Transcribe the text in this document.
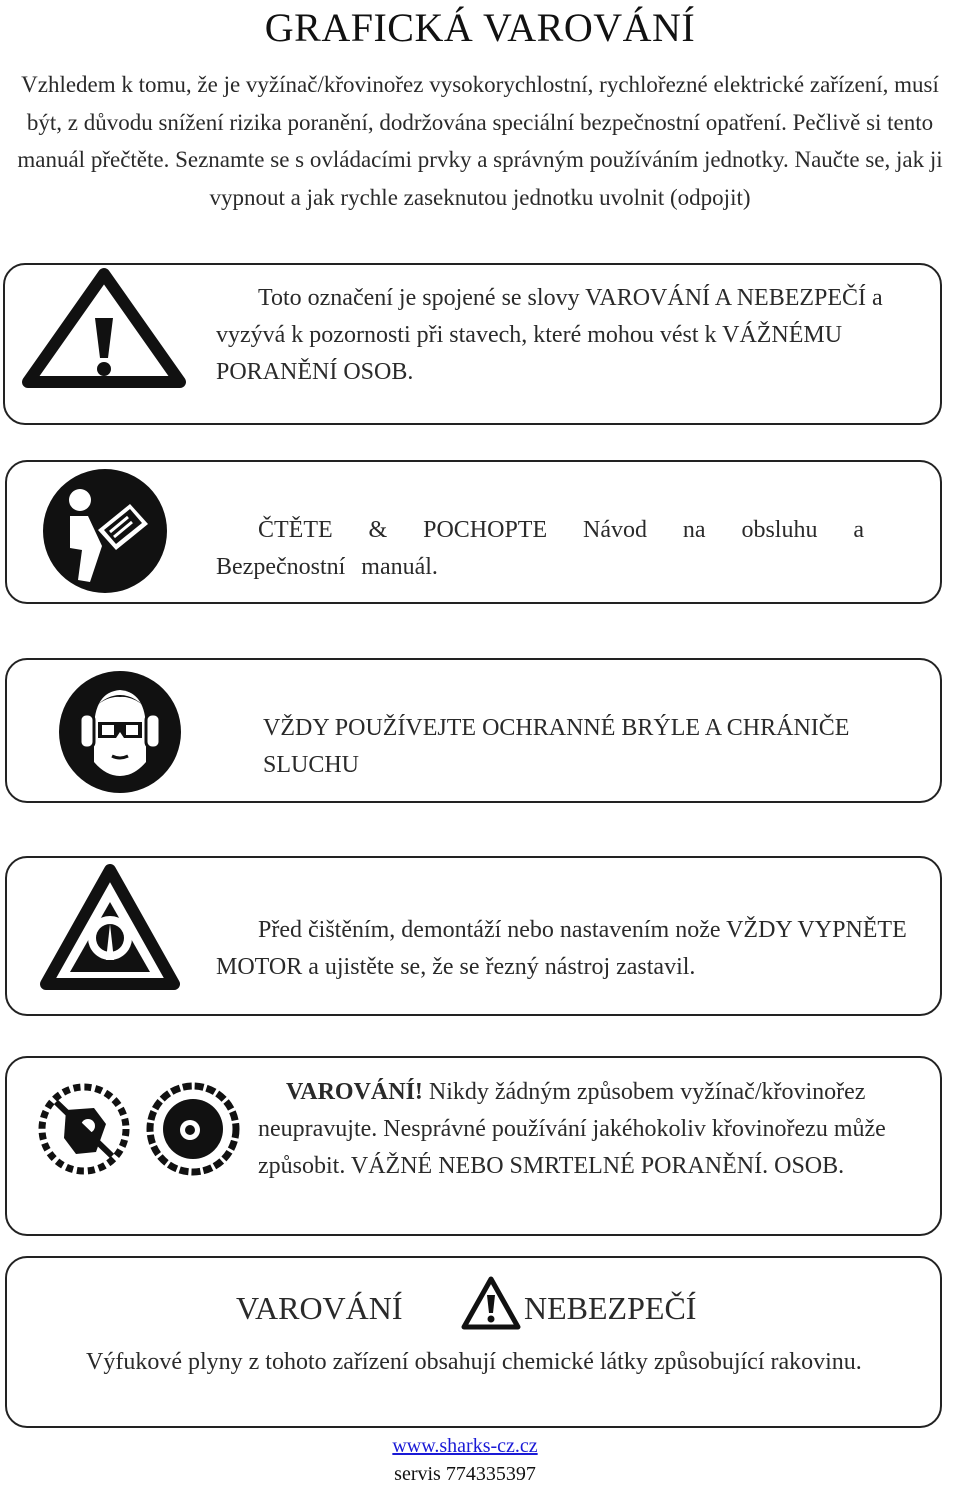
GRAFICKÁ VAROVÁNÍ
Vzhledem k tomu, že je vyžínač/křovinořez vysokorychlostní, rychlořezné elektrické zařízení, musí být, z důvodu snížení rizika poranění, dodržována speciální bezpečnostní opatření. Pečlivě si tento manuál přečtěte. Seznamte se s ovládacími prvky a správným používáním jednotky. Naučte se, jak ji vypnout a jak rychle zaseknutou jednotku uvolnit (odpojit)
Toto označení je spojené se slovy VAROVÁNÍ A NEBEZPEČÍ a vyzývá k pozornosti při stavech, které mohou vést k VÁŽNÉMU PORANĚNÍ OSOB.
ČTĚTE & POCHOPTE Návod na obsluhu a Bezpečnostní manuál.
VŽDY POUŽÍVEJTE OCHRANNÉ BRÝLE A CHRÁNIČE SLUCHU
Před čištěním, demontáží nebo nastavením nože VŽDY VYPNĚTE MOTOR a ujistěte se, že se řezný nástroj zastavil.
VAROVÁNÍ! Nikdy žádným způsobem vyžínač/křovinořez neupravujte. Nesprávné používání jakéhokoliv křovinořezu může způsobit. VÁŽNÉ NEBO SMRTELNÉ PORANĚNÍ. OSOB.
VAROVÁNÍ	NEBEZPEČÍ
Výfukové plyny z tohoto zařízení obsahují chemické látky způsobující rakovinu.
www.sharks-cz.cz
servis 774335397
